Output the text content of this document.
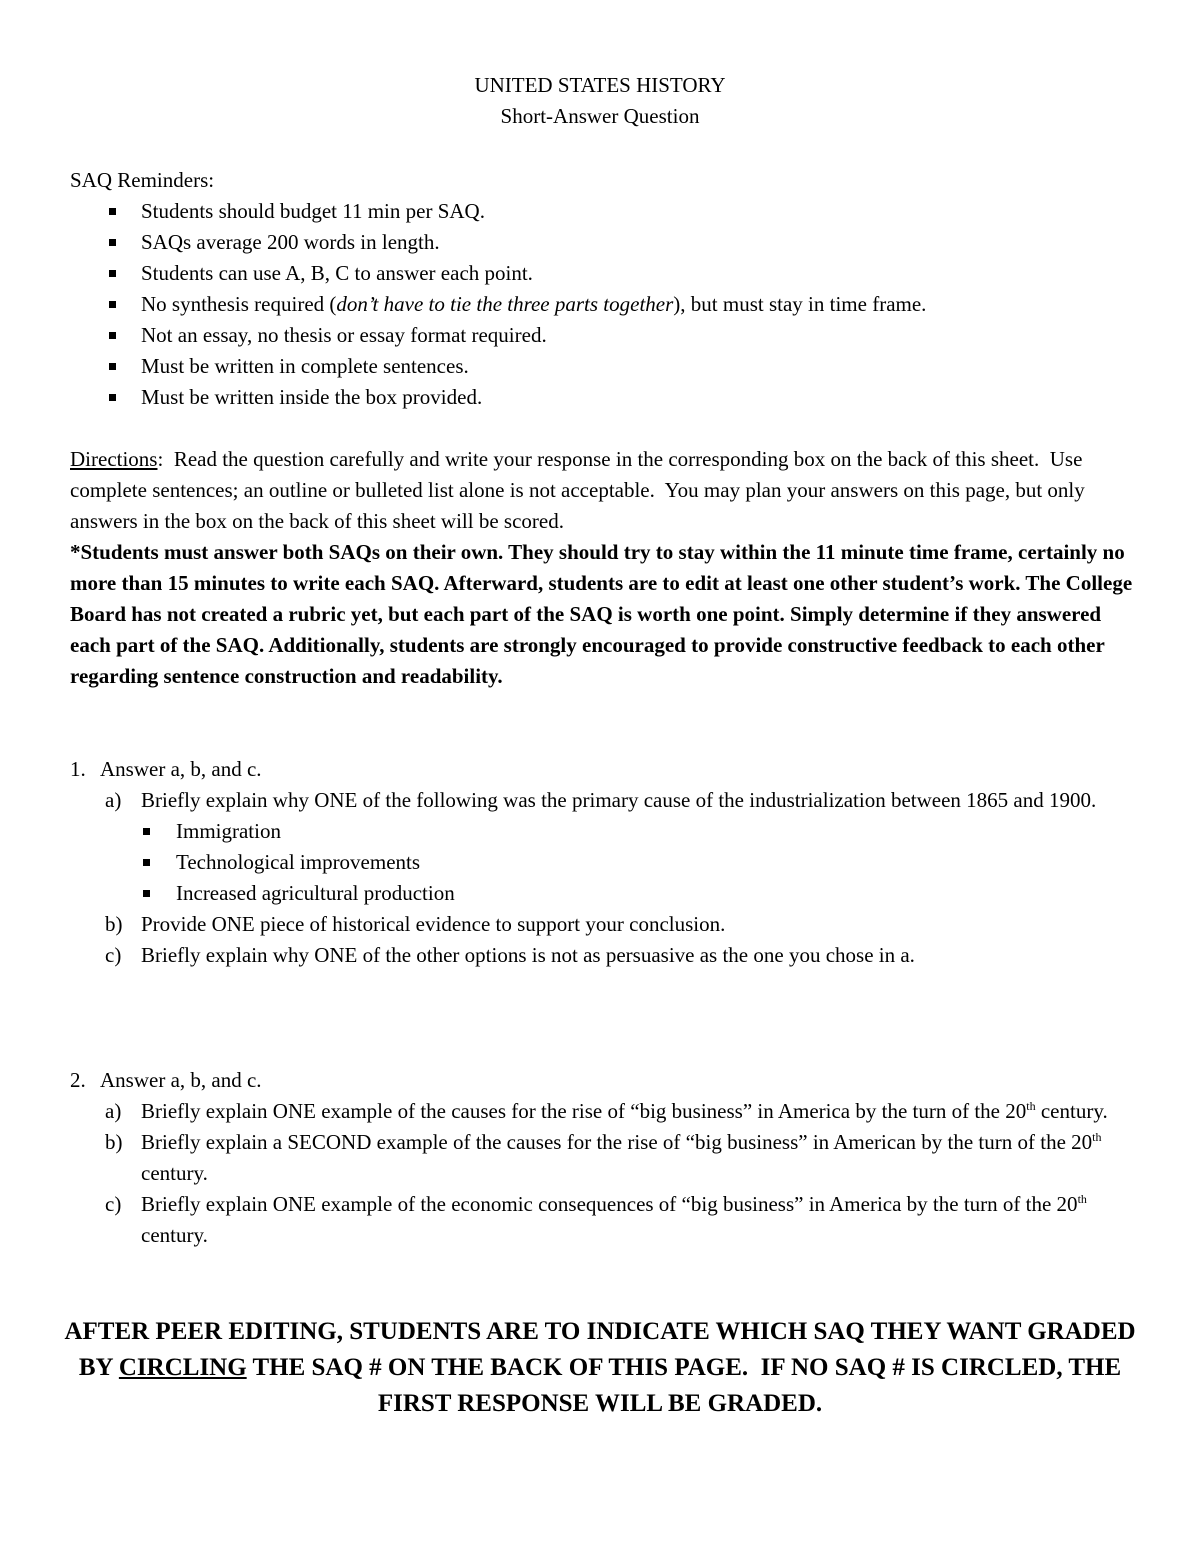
UNITED STATES HISTORY
Short-Answer Question
SAQ Reminders:
Students should budget 11 min per SAQ.
SAQs average 200 words in length.
Students can use A, B, C to answer each point.
No synthesis required (don’t have to tie the three parts together), but must stay in time frame.
Not an essay, no thesis or essay format required.
Must be written in complete sentences.
Must be written inside the box provided.
Directions:  Read the question carefully and write your response in the corresponding box on the back of this sheet.  Use complete sentences; an outline or bulleted list alone is not acceptable.  You may plan your answers on this page, but only answers in the box on the back of this sheet will be scored.
*Students must answer both SAQs on their own. They should try to stay within the 11 minute time frame, certainly no more than 15 minutes to write each SAQ. Afterward, students are to edit at least one other student’s work. The College Board has not created a rubric yet, but each part of the SAQ is worth one point. Simply determine if they answered each part of the SAQ. Additionally, students are strongly encouraged to provide constructive feedback to each other regarding sentence construction and readability.
1. Answer a, b, and c.
a) Briefly explain why ONE of the following was the primary cause of the industrialization between 1865 and 1900.
Immigration
Technological improvements
Increased agricultural production
b) Provide ONE piece of historical evidence to support your conclusion.
c) Briefly explain why ONE of the other options is not as persuasive as the one you chose in a.
2. Answer a, b, and c.
a) Briefly explain ONE example of the causes for the rise of “big business” in America by the turn of the 20th century.
b) Briefly explain a SECOND example of the causes for the rise of “big business” in American by the turn of the 20th century.
c) Briefly explain ONE example of the economic consequences of “big business” in America by the turn of the 20th century.
AFTER PEER EDITING, STUDENTS ARE TO INDICATE WHICH SAQ THEY WANT GRADED BY CIRCLING THE SAQ # ON THE BACK OF THIS PAGE.  IF NO SAQ # IS CIRCLED, THE FIRST RESPONSE WILL BE GRADED.
